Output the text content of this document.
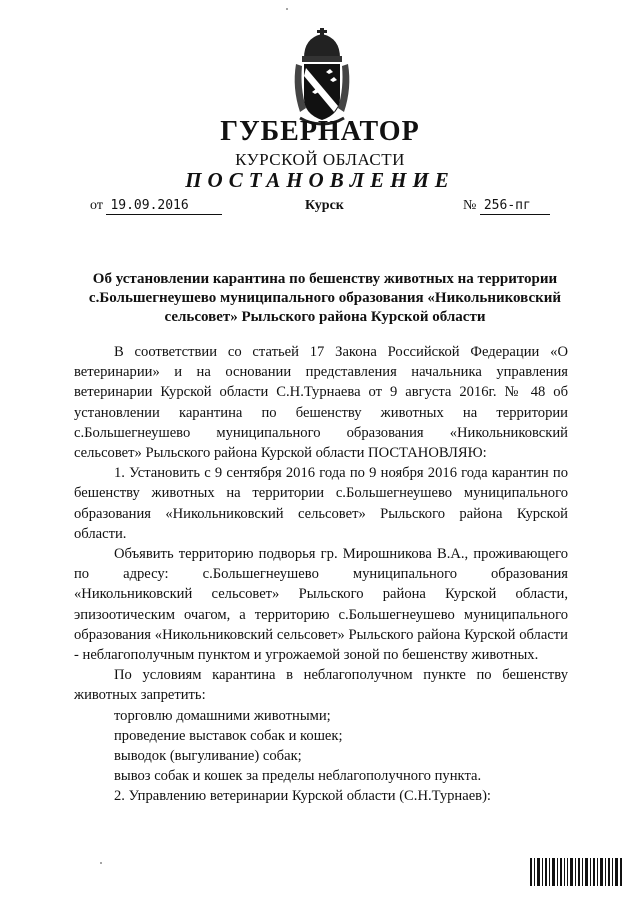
ГУБЕРНАТОР
КУРСКОЙ ОБЛАСТИ
ПОСТАНОВЛЕНИЕ
от 19.09.2016	Курск	№ 256-пг
Об установлении карантина по бешенству животных на территории с.Большегнеушево муниципального образования «Никольниковский сельсовет» Рыльского района Курской области

В соответствии со статьей 17 Закона Российской Федерации «О ветеринарии» и на основании представления начальника управления ветеринарии Курской области С.Н.Турнаева от 9 августа 2016г. № 48 об установлении карантина по бешенству животных на территории с.Большегнеушево муниципального образования «Никольниковский сельсовет» Рыльского района Курской области ПОСТАНОВЛЯЮ:

1. Установить с 9 сентября 2016 года по 9 ноября 2016 года карантин по бешенству животных на территории с.Большегнеушево муниципального образования «Никольниковский сельсовет» Рыльского района Курской области.

Объявить территорию подворья гр. Мирошникова В.А., проживающего по адресу: с.Большегнеушево муниципального образования «Никольниковский сельсовет» Рыльского района Курской области, эпизоотическим очагом, а территорию с.Большегнеушево муниципального образования «Никольниковский сельсовет» Рыльского района Курской области - неблагополучным пунктом и угрожаемой зоной по бешенству животных.

По условиям карантина в неблагополучном пункте по бешенству животных запретить:

торговлю домашними животными;

проведение выставок собак и кошек;

выводок (выгуливание) собак;

вывоз собак и кошек за пределы неблагополучного пункта.

2. Управлению ветеринарии Курской области (С.Н.Турнаев):
